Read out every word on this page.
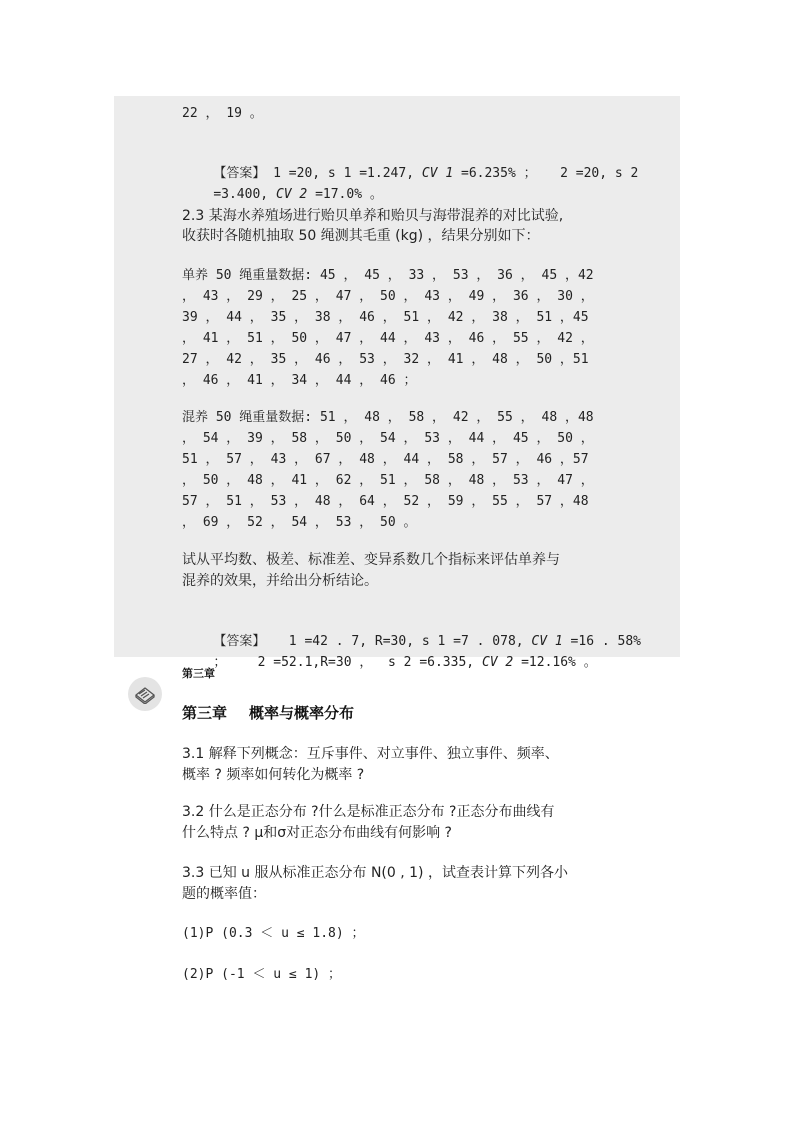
22 ， 19 。

【答案】 1 =20, s 1 =1.247, CV 1 =6.235% ；   2 =20, s 2

=3.400, CV 2 =17.0% 。

2.3 某海水养殖场进行贻贝单养和贻贝与海带混养的对比试验,
收获时各随机抽取 50 绳测其毛重 (kg) ，结果分别如下：
单养 50 绳重量数据: 45 ， 45 ， 33 ， 53 ， 36 ， 45 ，42
， 43 ， 29 ， 25 ， 47 ， 50 ， 43 ， 49 ， 36 ， 30 ，
39 ， 44 ， 35 ， 38 ， 46 ， 51 ， 42 ， 38 ， 51 ，45
， 41 ， 51 ， 50 ， 47 ， 44 ， 43 ， 46 ， 55 ， 42 ，
27 ， 42 ， 35 ， 46 ， 53 ， 32 ， 41 ， 48 ， 50 ，51
， 46 ， 41 ， 34 ， 44 ， 46 ；
混养 50 绳重量数据: 51 ， 48 ， 58 ， 42 ， 55 ， 48 ，48
， 54 ， 39 ， 58 ， 50 ， 54 ， 53 ， 44 ， 45 ， 50 ，
51 ， 57 ， 43 ， 67 ， 48 ， 44 ， 58 ， 57 ， 46 ，57
， 50 ， 48 ， 41 ， 62 ， 51 ， 58 ， 48 ， 53 ， 47 ，
57 ， 51 ， 53 ， 48 ， 64 ， 52 ， 59 ， 55 ， 57 ，48
， 69 ， 52 ， 54 ， 53 ， 50 。
试从平均数、极差、标准差、变异系数几个指标来评估单养与
混养的效果，并给出分析结论。

【答案】   1 =42 . 7, R=30, s 1 =7 . 078, CV 1 =16 . 58%

；    2 =52.1,R=30 ，  s 2 =6.335, CV 2 =12.16% 。

第三章
第三章 概率与概率分布
3.1 解释下列概念：互斥事件、对立事件、独立事件、频率、
概率 ? 频率如何转化为概率 ?
3.2 什么是正态分布 ?什么是标准正态分布 ?正态分布曲线有
什么特点 ? μ和σ对正态分布曲线有何影响 ?
3.3 已知 u 服从标准正态分布 N(0 , 1) ，试查表计算下列各小
题的概率值：
(1)P (0.3 ＜ u ≤ 1.8) ；
(2)P (-1 ＜ u ≤ 1) ；
